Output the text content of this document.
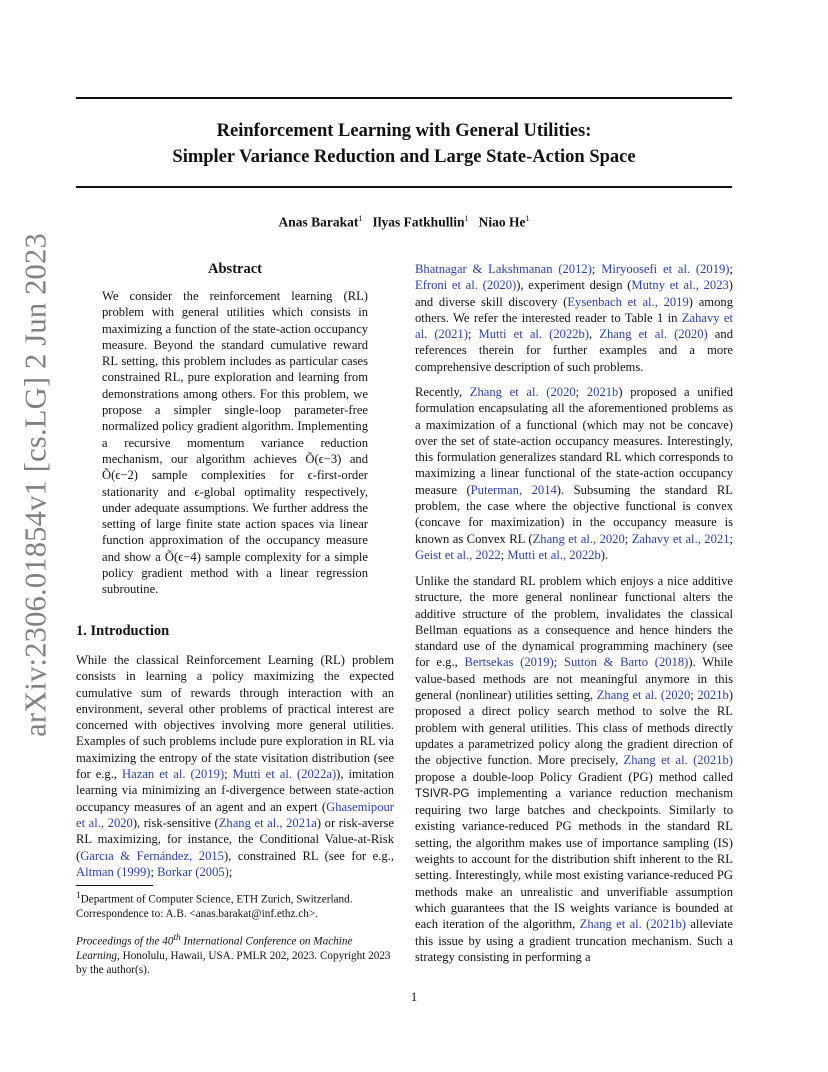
Reinforcement Learning with General Utilities:
Simpler Variance Reduction and Large State-Action Space
Anas Barakat$^1$ Ilyas Fatkhullin$^1$ Niao He$^1$
arXiv:2306.01854v1 [cs.LG] 2 Jun 2023	Abstract
We consider the reinforcement learning (RL) problem with general utilities which consists in maximizing a function of the state-action occupancy measure. Beyond the standard cumulative reward RL setting, this problem includes as particular cases constrained RL, pure exploration and learning from demonstrations among others. For this problem, we propose a simpler single-loop parameter-free normalized policy gradient algorithm. Implementing a recursive momentum variance reduction mechanism, our algorithm achieves Õ(ϵ−3) and Õ(ϵ−2) sample complexities for ϵ-first-order stationarity and ϵ-global optimality respectively, under adequate assumptions. We further address the setting of large finite state action spaces via linear function approximation of the occupancy measure and show a Õ(ϵ−4) sample complexity for a simple policy gradient method with a linear regression subroutine.
1. Introduction

While the classical Reinforcement Learning (RL) problem consists in learning a policy maximizing the expected cumulative sum of rewards through interaction with an environment, several other problems of practical interest are concerned with objectives involving more general utilities. Examples of such problems include pure exploration in RL via maximizing the entropy of the state visitation distribution (see for e.g., Hazan et al. (2019); Mutti et al. (2022a)), imitation learning via minimizing an f-divergence between state-action occupancy measures of an agent and an expert (Ghasemipour et al., 2020), risk-sensitive (Zhang et al., 2021a) or risk-averse RL maximizing, for instance, the Conditional Value-at-Risk (Garcıa & Fernández, 2015), constrained RL (see for e.g., Altman (1999); Borkar (2005);

$^1$Department of Computer Science, ETH Zurich, Switzerland.
Correspondence to: A.B. <anas.barakat@inf.ethz.ch>.
Proceedings of the 40th International Conference on Machine Learning, Honolulu, Hawaii, USA. PMLR 202, 2023. Copyright 2023 by the author(s).

Bhatnagar & Lakshmanan (2012); Miryoosefi et al. (2019); Efroni et al. (2020)), experiment design (Mutny et al., 2023) and diverse skill discovery (Eysenbach et al., 2019) among others. We refer the interested reader to Table 1 in Zahavy et al. (2021); Mutti et al. (2022b), Zhang et al. (2020) and references therein for further examples and a more comprehensive description of such problems.

Recently, Zhang et al. (2020; 2021b) proposed a unified formulation encapsulating all the aforementioned problems as a maximization of a functional (which may not be concave) over the set of state-action occupancy measures. Interestingly, this formulation generalizes standard RL which corresponds to maximizing a linear functional of the state-action occupancy measure (Puterman, 2014). Subsuming the standard RL problem, the case where the objective functional is convex (concave for maximization) in the occupancy measure is known as Convex RL (Zhang et al., 2020; Zahavy et al., 2021; Geist et al., 2022; Mutti et al., 2022b).

Unlike the standard RL problem which enjoys a nice additive structure, the more general nonlinear functional alters the additive structure of the problem, invalidates the classical Bellman equations as a consequence and hence hinders the standard use of the dynamical programming machinery (see for e.g., Bertsekas (2019); Sutton & Barto (2018)). While value-based methods are not meaningful anymore in this general (nonlinear) utilities setting, Zhang et al. (2020; 2021b) proposed a direct policy search method to solve the RL problem with general utilities. This class of methods directly updates a parametrized policy along the gradient direction of the objective function. More precisely, Zhang et al. (2021b) propose a double-loop Policy Gradient (PG) method called TSIVR-PG implementing a variance reduction mechanism requiring two large batches and checkpoints. Similarly to existing variance-reduced PG methods in the standard RL setting, the algorithm makes use of importance sampling (IS) weights to account for the distribution shift inherent to the RL setting. Interestingly, while most existing variance-reduced PG methods make an unrealistic and unverifiable assumption which guarantees that the IS weights variance is bounded at each iteration of the algorithm, Zhang et al. (2021b) alleviate this issue by using a gradient truncation mechanism. Such a strategy consisting in performing a

1
